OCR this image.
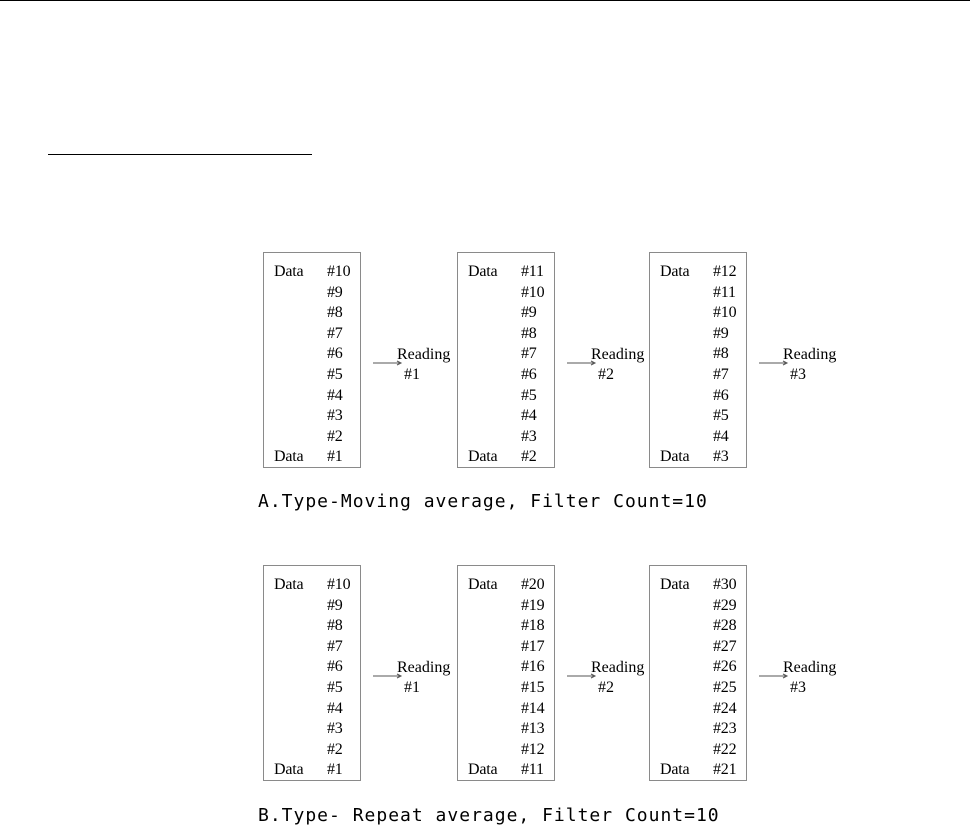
A.Type-Moving average, Filter Count=10
Data #10
#9
#8
#7
#6
#5
#4
#3
#2
#1
Data
Reading

#1
Data #11
#10
#9
#8
#7
#6
#5
#4
#3
#2
Data
Reading

#2
Data #12
#11
#10
#9
#8
#7
#6
#5
#4
#3
Data
Reading

#3
B.Type- Repeat average, Filter Count=10
Data #10
#9
#8
#7
#6
#5
#4
#3
#2
#1
Data
Reading

#1
Data #20
#19
#18
#17
#16
#15
#14
#13
#12
#11
Data
Reading

#2
Data #30
#29
#28
#27
#26
#25
#24
#23
#22
#21
Data
Reading

#3
